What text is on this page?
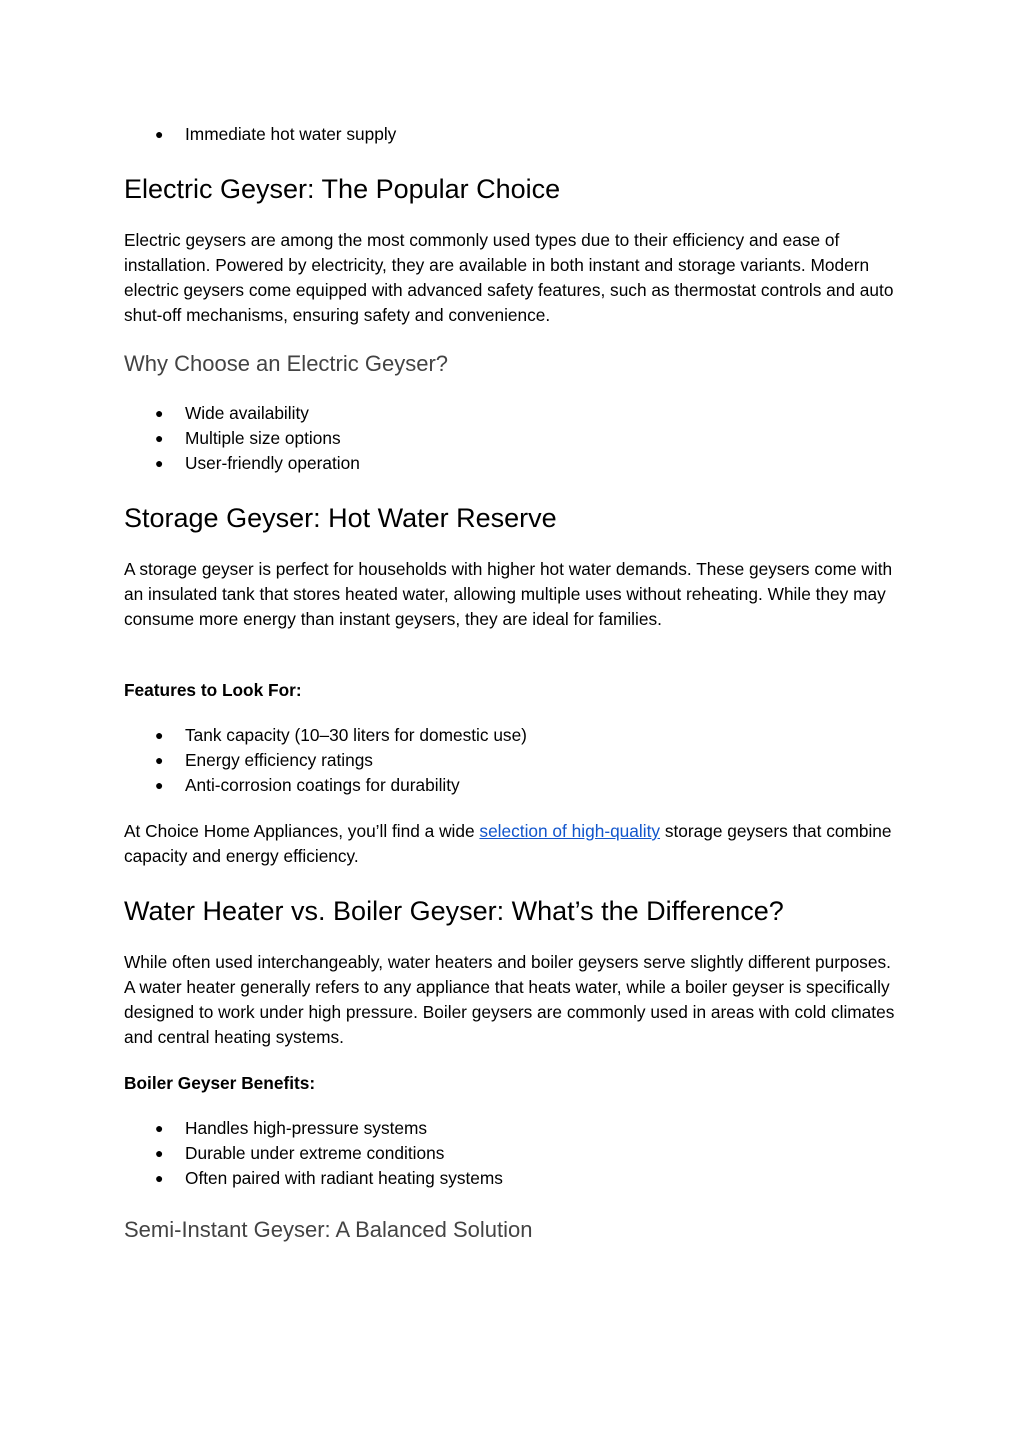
● Immediate hot water supply
Electric Geyser: The Popular Choice

Electric geysers are among the most commonly used types due to their efficiency and ease of installation. Powered by electricity, they are available in both instant and storage variants. Modern electric geysers come equipped with advanced safety features, such as thermostat controls and auto shut-off mechanisms, ensuring safety and convenience.

Why Choose an Electric Geyser?
● Wide availability
● Multiple size options
● User-friendly operation
Storage Geyser: Hot Water Reserve

A storage geyser is perfect for households with higher hot water demands. These geysers come with an insulated tank that stores heated water, allowing multiple uses without reheating. While they may consume more energy than instant geysers, they are ideal for families.

Features to Look For:
● Tank capacity (10–30 liters for domestic use)
● Energy efficiency ratings
● Anti-corrosion coatings for durability

At Choice Home Appliances, you’ll find a wide selection of high-quality storage geysers that combine capacity and energy efficiency.

Water Heater vs. Boiler Geyser: What’s the Difference?

While often used interchangeably, water heaters and boiler geysers serve slightly different purposes. A water heater generally refers to any appliance that heats water, while a boiler geyser is specifically designed to work under high pressure. Boiler geysers are commonly used in areas with cold climates and central heating systems.

Boiler Geyser Benefits:
● Handles high-pressure systems
● Durable under extreme conditions
● Often paired with radiant heating systems
Semi-Instant Geyser: A Balanced Solution
